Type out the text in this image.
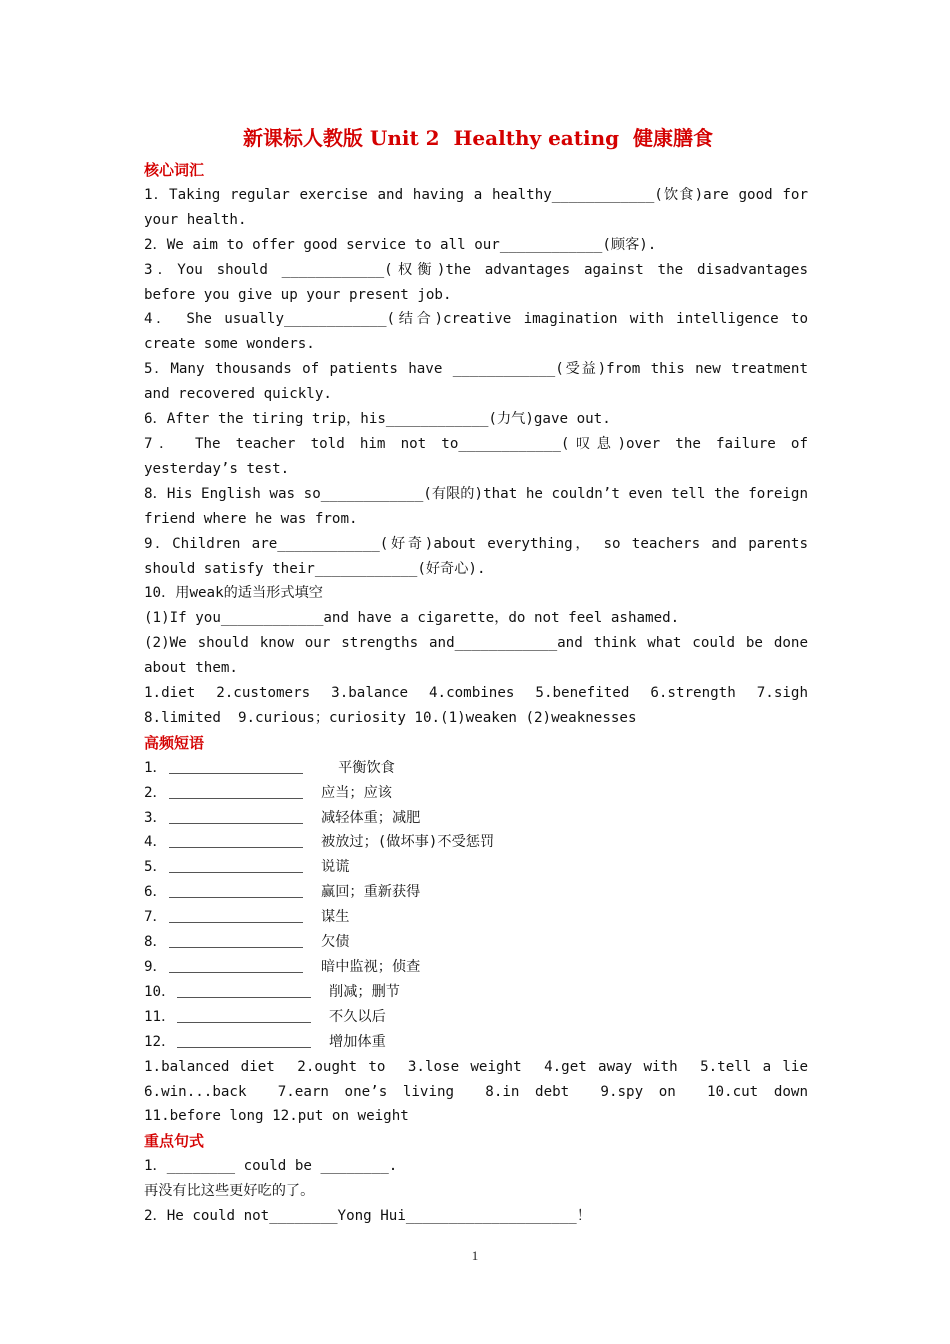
新课标人教版 Unit 2  Healthy eating  健康膳食
核心词汇
1．Taking regular exercise and having a healthy____________(饮食)are good for your health.
2．We aim to offer good service to all our____________(顾客).
3．You should ____________(权衡)the advantages against the disadvantages before you give up your present job.
4． She usually____________(结合)creative imagination with intelligence to create some wonders.
5．Many thousands of patients have ____________(受益)from this new treatment and recovered quickly.
6．After the tiring trip，his____________(力气)gave out.
7． The teacher told him not to____________(叹息)over the failure of yesterday’s test.
8．His English was so____________(有限的)that he couldn’t even tell the foreign friend where he was from.
9．Children are____________(好奇)about everything， so teachers and parents should satisfy their____________(好奇心).
10．用weak的适当形式填空
(1)If you____________and have a cigarette，do not feel ashamed.
(2)We should know our strengths and____________and think what could be done about them.
1.diet  2.customers  3.balance  4.combines  5.benefited  6.strength  7.sigh 8.limited  9.curious；curiosity 10.(1)weaken (2)weaknesses
高频短语
1．	平衡饮食
2．	应当；应该
3．	减轻体重；减肥
4．	被放过；(做坏事)不受惩罚
5．	说谎
6．	赢回；重新获得
7．	谋生
8．	欠债
9．	暗中监视；侦查
10．	削减；删节
11．	不久以后
12．	增加体重
1.balanced diet  2.ought to  3.lose weight  4.get away with  5.tell a lie 6.win...back  7.earn one’s living  8.in debt  9.spy on  10.cut down  11.before long 12.put on weight
重点句式
1．________ could be ________.
再没有比这些更好吃的了。
2．He could not________Yong Hui____________________！
1
